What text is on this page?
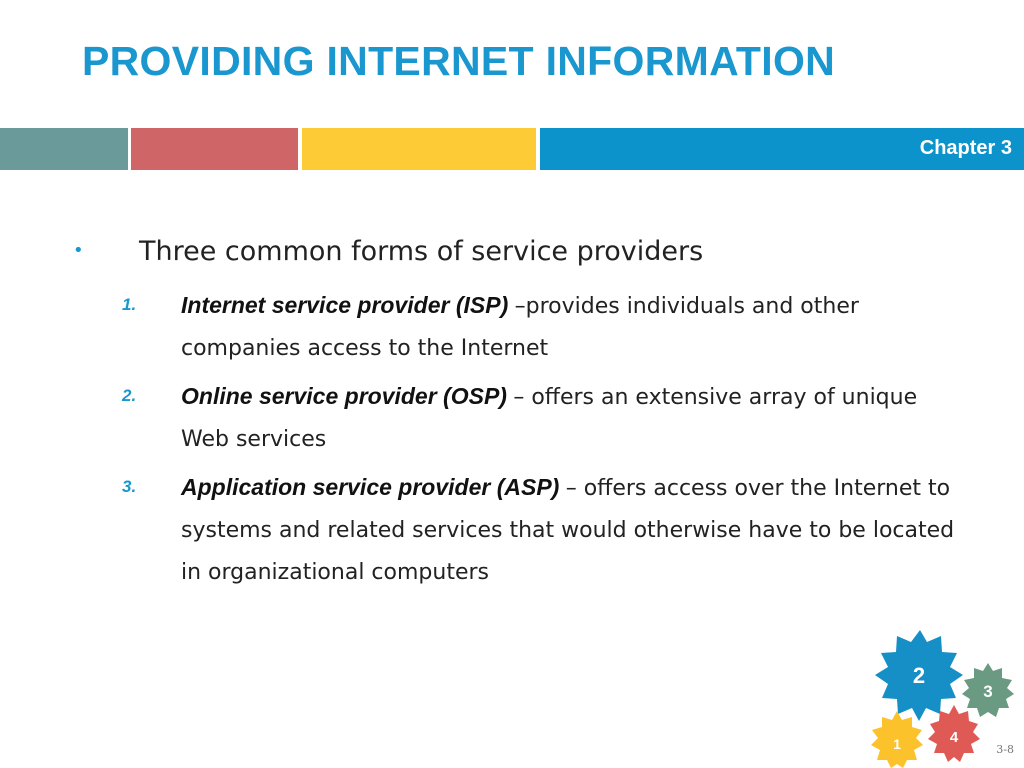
PROVIDING INTERNET INFORMATION
Chapter 3
• Three common forms of service providers
1. Internet service provider (ISP) –provides individuals and other companies access to the Internet
2. Online service provider (OSP) – offers an extensive array of unique Web services
3. Application service provider (ASP) – offers access over the Internet to systems and related services that would otherwise have to be located in organizational computers
2
3
1	4
3-8
